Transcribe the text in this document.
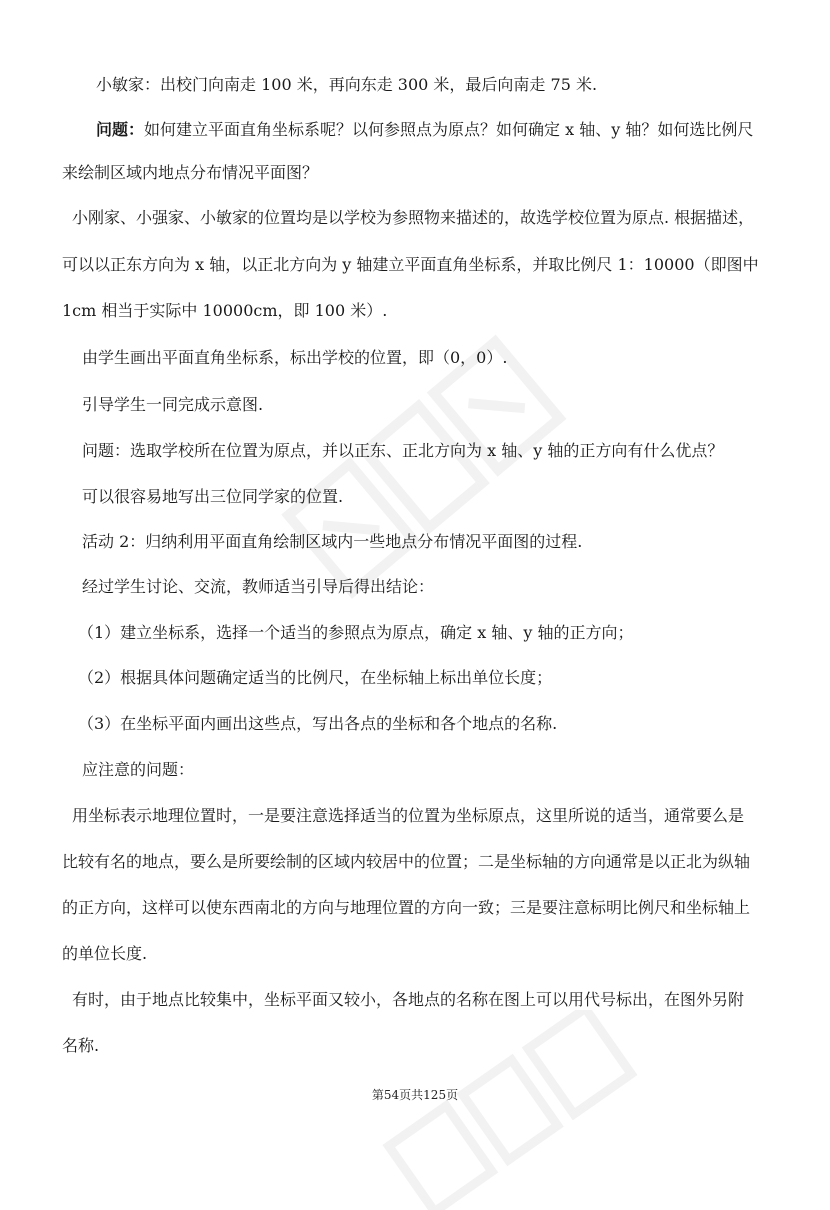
小敏家：出校门向南走 100 米，再向东走 300 米，最后向南走 75 米.
问题：如何建立平面直角坐标系呢？以何参照点为原点？如何确定 x 轴、y 轴？如何选比例尺
来绘制区域内地点分布情况平面图？
小刚家、小强家、小敏家的位置均是以学校为参照物来描述的，故选学校位置为原点. 根据描述，
可以以正东方向为 x 轴，以正北方向为 y 轴建立平面直角坐标系，并取比例尺 1：10000（即图中
1cm 相当于实际中 10000cm，即 100 米）.
由学生画出平面直角坐标系，标出学校的位置，即（0，0）.
引导学生一同完成示意图.
问题：选取学校所在位置为原点，并以正东、正北方向为 x 轴、y 轴的正方向有什么优点？
可以很容易地写出三位同学家的位置.
活动 2：归纳利用平面直角绘制区域内一些地点分布情况平面图的过程.
经过学生讨论、交流，教师适当引导后得出结论：
（1）建立坐标系，选择一个适当的参照点为原点，确定 x 轴、y 轴的正方向；
（2）根据具体问题确定适当的比例尺，在坐标轴上标出单位长度；
（3）在坐标平面内画出这些点，写出各点的坐标和各个地点的名称.
应注意的问题：
用坐标表示地理位置时，一是要注意选择适当的位置为坐标原点，这里所说的适当，通常要么是
比较有名的地点，要么是所要绘制的区域内较居中的位置；二是坐标轴的方向通常是以正北为纵轴
的正方向，这样可以使东西南北的方向与地理位置的方向一致；三是要注意标明比例尺和坐标轴上
的单位长度.
有时，由于地点比较集中，坐标平面又较小，各地点的名称在图上可以用代号标出，在图外另附
名称.
第54页共125页
